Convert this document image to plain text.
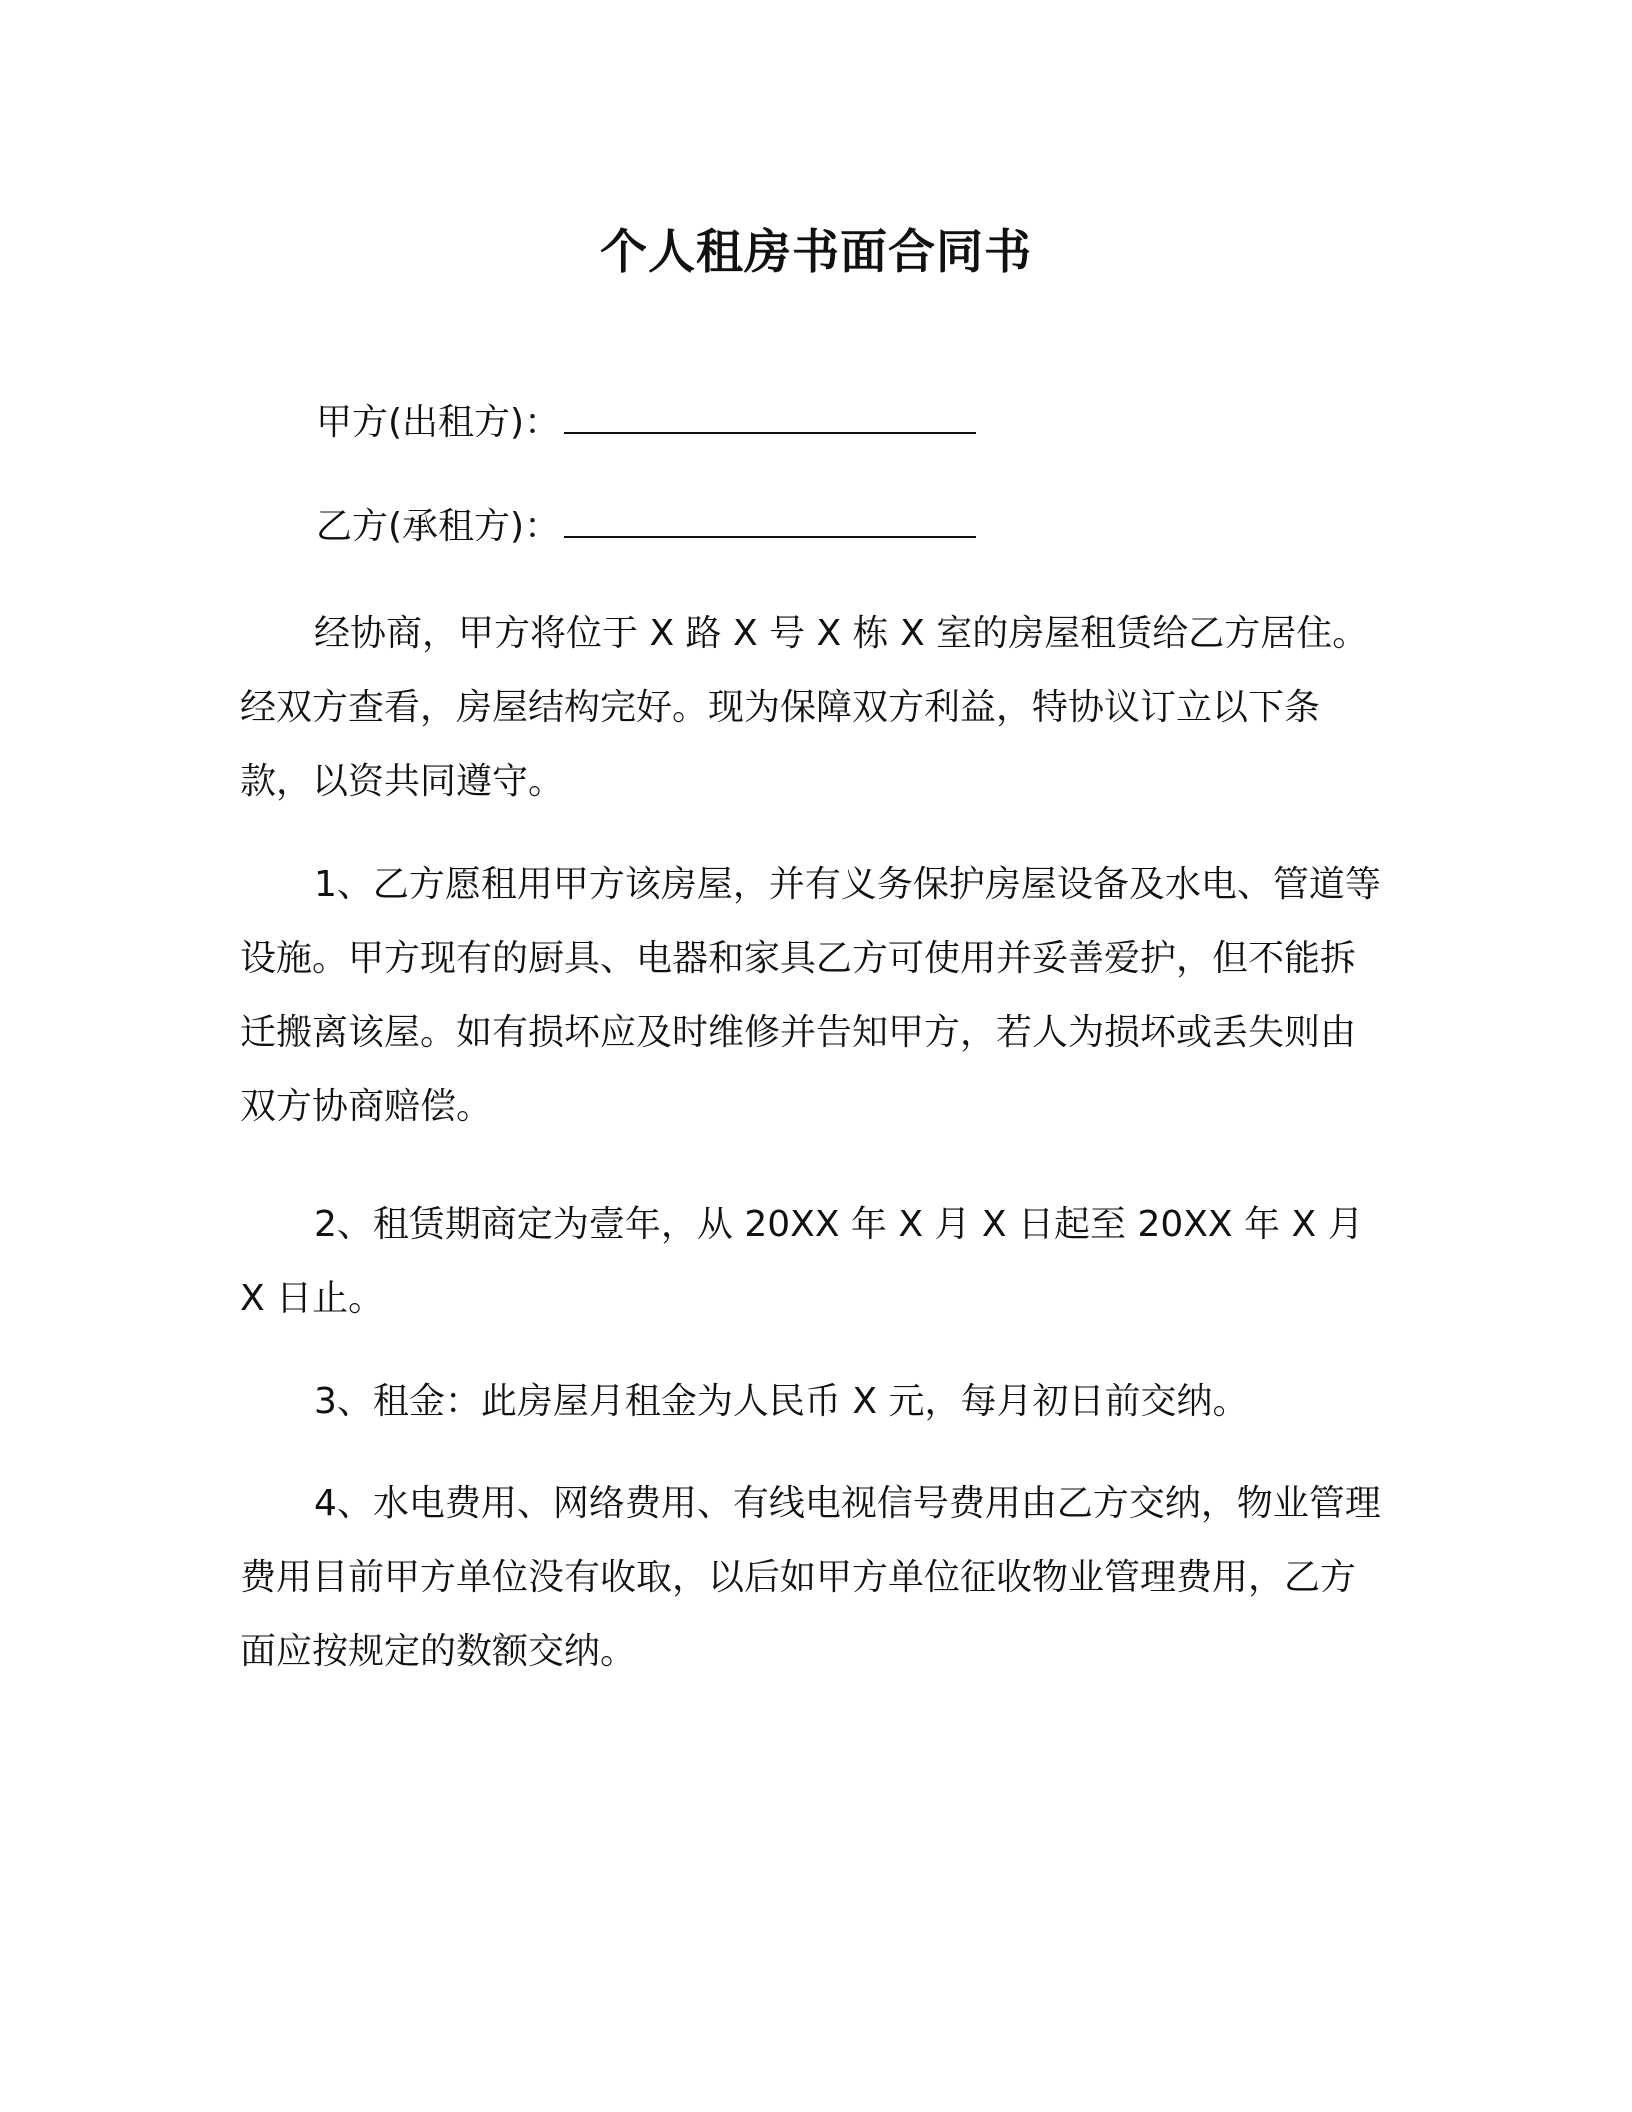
个人租房书面合同书
甲方(出租方)：
乙方(承租方)：

经协商，甲方将位于 X 路 X 号 X 栋 X 室的房屋租赁给乙方居住。经双方查看，房屋结构完好。现为保障双方利益，特协议订立以下条款，以资共同遵守。

1、乙方愿租用甲方该房屋，并有义务保护房屋设备及水电、管道等设施。甲方现有的厨具、电器和家具乙方可使用并妥善爱护，但不能拆迁搬离该屋。如有损坏应及时维修并告知甲方，若人为损坏或丢失则由双方协商赔偿。

2、租赁期商定为壹年，从 20XX 年 X 月 X 日起至 20XX 年 X 月 X 日止。

3、租金：此房屋月租金为人民币 X 元，每月初日前交纳。

4、水电费用、网络费用、有线电视信号费用由乙方交纳，物业管理费用目前甲方单位没有收取，以后如甲方单位征收物业管理费用，乙方面应按规定的数额交纳。
